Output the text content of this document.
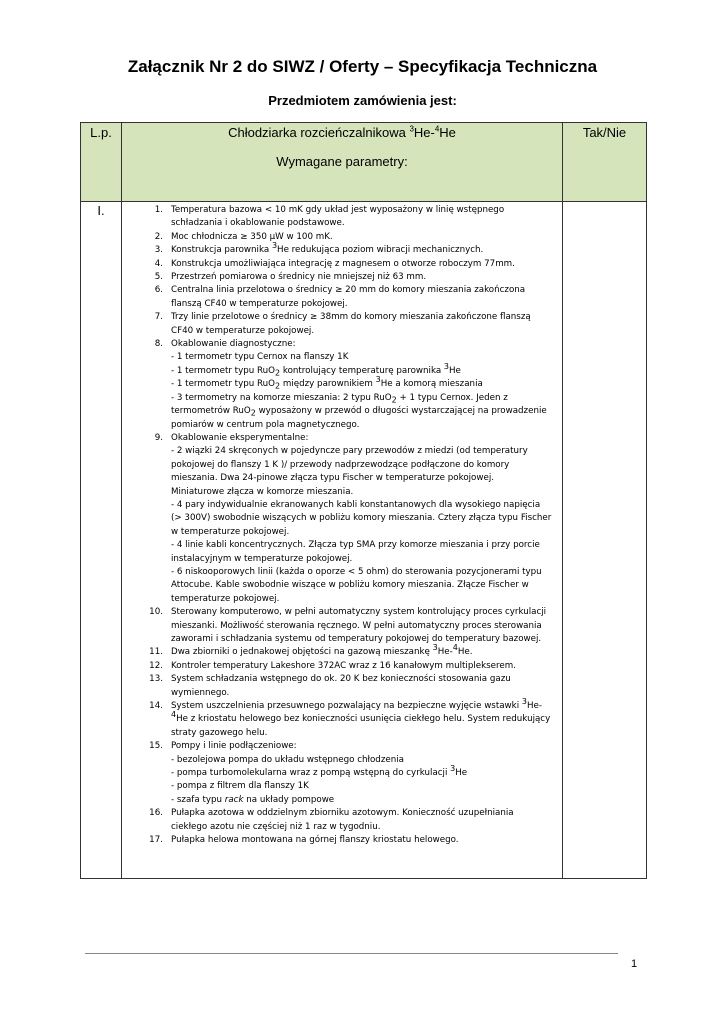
Załącznik Nr 2 do SIWZ / Oferty – Specyfikacja Techniczna
Przedmiotem zamówienia jest:
L.p.	Chłodziarka rozcieńczalnikowa $^3$He-$^4$He
Wymagane parametry:
Tak/Nie
I.	1. Temperatura bazowa < 10 mK gdy układ jest wyposażony w linię wstępnego
schładzania i okablowanie podstawowe.
2. Moc chłodnicza ≥ 350 μW w 100 mK.
3. Konstrukcja parownika $^3$He redukująca poziom wibracji mechanicznych.
4. Konstrukcja umożliwiająca integrację z magnesem o otworze roboczym 77mm.
5. Przestrzeń pomiarowa o średnicy nie mniejszej niż 63 mm.
6. Centralna linia przelotowa o średnicy ≥ 20 mm do komory mieszania zakończona
flanszą CF40 w temperaturze pokojowej.
7. Trzy linie przelotowe o średnicy ≥ 38mm do komory mieszania zakończone flanszą
CF40 w temperaturze pokojowej.
8. Okablowanie diagnostyczne:
- 1 termometr typu Cernox na flanszy 1K
- 1 termometr typu RuO$_2$ kontrolujący temperaturę parownika $^3$He
- 1 termometr typu RuO$_2$ między parownikiem $^3$He a komorą mieszania
- 3 termometry na komorze mieszania: 2 typu RuO$_2$ + 1 typu Cernox. Jeden z
termometrów RuO$_2$ wyposażony w przewód o długości wystarczającej na prowadzenie
pomiarów w centrum pola magnetycznego.
9. Okablowanie eksperymentalne:
- 2 wiązki 24 skręconych w pojedyncze pary przewodów z miedzi (od temperatury
pokojowej do flanszy 1 K )/ przewody nadprzewodzące podłączone do komory
mieszania. Dwa 24-pinowe złącza typu Fischer w temperaturze pokojowej.
Miniaturowe złącza w komorze mieszania.
- 4 pary indywidualnie ekranowanych kabli konstantanowych dla wysokiego napięcia
(> 300V) swobodnie wiszących w pobliżu komory mieszania. Cztery złącza typu Fischer
w temperaturze pokojowej.
- 4 linie kabli koncentrycznych. Złącza typ SMA przy komorze mieszania i przy porcie
instalacyjnym w temperaturze pokojowej.
- 6 niskooporowych linii (każda o oporze < 5 ohm) do sterowania pozycjonerami typu
Attocube. Kable swobodnie wiszące w pobliżu komory mieszania. Złącze Fischer w
temperaturze pokojowej.
10. Sterowany komputerowo, w pełni automatyczny system kontrolujący proces cyrkulacji
mieszanki. Możliwość sterowania ręcznego. W pełni automatyczny proces sterowania
zaworami i schładzania systemu od temperatury pokojowej do temperatury bazowej.
11. Dwa zbiorniki o jednakowej objętości na gazową mieszankę $^3$He-$^4$He.
12. Kontroler temperatury Lakeshore 372AC wraz z 16 kanałowym multiplekserem.
13. System schładzania wstępnego do ok. 20 K bez konieczności stosowania gazu
wymiennego.
14. System uszczelnienia przesuwnego pozwalający na bezpieczne wyjęcie wstawki $^3$He-
$^4$He z kriostatu helowego bez konieczności usunięcia ciekłego helu. System redukujący
straty gazowego helu.
15. Pompy i linie podłączeniowe:
- bezolejowa pompa do układu wstępnego chłodzenia
- pompa turbomolekularna wraz z pompą wstępną do cyrkulacji $^3$He
- pompa z filtrem dla flanszy 1K
- szafa typu rack na układy pompowe
16. Pułapka azotowa w oddzielnym zbiorniku azotowym. Konieczność uzupełniania
ciekłego azotu nie częściej niż 1 raz w tygodniu.
17. Pułapka helowa montowana na górnej flanszy kriostatu helowego.
1
